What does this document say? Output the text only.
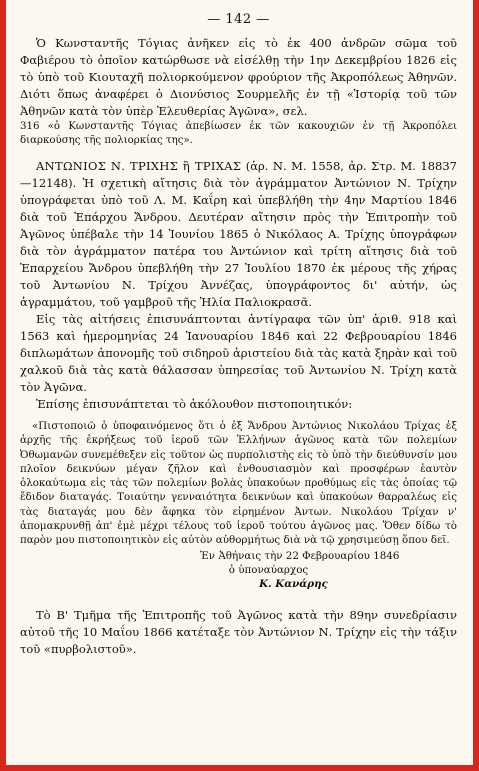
— 142 —

Ὁ Κωνσταντῆς Τόγιας ἀνῆκεν εἰς τὸ ἐκ 400 ἀνδρῶν σῶμα τοῦ Φαβιέρου τὸ ὁποῖον κατώρθωσε νὰ εἰσέλθῃ τὴν 1ην Δεκεμβρίου 1826 εἰς τὸ ὑπὸ τοῦ Κιουταχῆ πολιορκούμενον φρούριον τῆς Ἀκροπόλεως Ἀθηνῶν. Διότι ὅπως ἀναφέρει ὁ Διονύσιος Σουρμελῆς ἐν τῇ «Ἱστορίᾳ τοῦ τῶν Ἀθηνῶν κατὰ τὸν ὑπὲρ Ἐλευθερίας Ἀγῶνα», σελ.

316 «ὁ Κωνσταντῆς Τόγιας ἀπεβίωσεν ἐκ τῶν κακουχιῶν ἐν τῇ Ἀκροπόλει διαρκούσης τῆς πολιορκίας της».

ΑΝΤΩΝΙΟΣ Ν. ΤΡΙΧΗΣ ἢ ΤΡΙΧΑΣ (ἀρ. Ν. Μ. 1558, ἀρ. Στρ. Μ. 18837—12148). Ἡ σχετικὴ αἴτησις διὰ τὸν ἀγράμματον Ἀντώνιον Ν. Τρίχην ὑπογράφεται ὑπὸ τοῦ Λ. Μ. Καΐρη καὶ ὑπεβλήθη τὴν 4ην Μαρτίου 1846 διὰ τοῦ Ἐπάρχου Ἄνδρου. Δευτέραν αἴτησιν πρὸς τὴν Ἐπιτροπὴν τοῦ Ἀγῶνος ὑπέβαλε τὴν 14 Ἰουνίου 1865 ὁ Νικόλαος Α. Τρίχης ὑπογράφων διὰ τὸν ἀγράμματον πατέρα του Ἀντώνιον καὶ τρίτη αἴτησις διὰ τοῦ Ἐπαρχείου Ἄνδρου ὑπεβλήθη τὴν 27 Ἰουλίου 1870 ἐκ μέρους τῆς χήρας τοῦ Ἀντωνίου Ν. Τρίχου Ἀννέζας, ὑπογράφοντος δι' αὐτήν, ὡς ἀγραμμάτου, τοῦ γαμβροῦ τῆς Ἠλία Παλιοκρασᾶ.

Εἰς τὰς αἰτήσεις ἐπισυνάπτονται ἀντίγραφα τῶν ὑπ' ἀριθ. 918 καὶ 1563 καὶ ἡμερομηνίας 24 Ἰανουαρίου 1846 καὶ 22 Φεβρουαρίου 1846 διπλωμάτων ἀπονομῆς τοῦ σιδηροῦ ἀριστείου διὰ τὰς κατὰ ξηρὰν καὶ τοῦ χαλκοῦ διὰ τὰς κατὰ θάλασσαν ὑπηρεσίας τοῦ Ἀντωνίου Ν. Τρίχη κατὰ τὸν Ἀγῶνα.

Ἐπίσης ἐπισυνάπτεται τὸ ἀκόλουθον πιστοποιητικόν:

«Πιστοποιῶ ὁ ὑποφαινόμενος ὅτι ὁ ἐξ Ἄνδρου Ἀντώνιος Νικολάου Τρίχας ἐξ ἀρχῆς τῆς ἐκρήξεως τοῦ ἱεροῦ τῶν Ἑλλήνων ἀγῶνος κατὰ τῶν πολεμίων Ὀθωμανῶν συνεμέθεξεν εἰς τοῦτον ὡς πυρπολιστὴς εἰς τὸ ὑπὸ τὴν διεύθυνσίν μου πλοῖον δεικνύων μέγαν ζῆλον καὶ ἐνθουσιασμὸν καὶ προσφέρων ἑαυτὸν ὁλοκαύτωμα εἰς τὰς τῶν πολεμίων βολὰς ὑπακούων προθύμως εἰς τὰς ὁποίας τῷ ἔδιδον διαταγάς. Τοιαύτην γενναιότητα δεικνύων καὶ ὑπακούων θαρραλέως εἰς τὰς διαταγάς μου δὲν ἄφηκα τὸν εἰρημένον Ἀντων. Νικολάου Τρίχαν ν' ἀπομακρυνθῇ ἀπ' ἐμὲ μέχρι τέλους τοῦ ἱεροῦ τούτου ἀγῶνος μας. Ὅθεν δίδω τὸ παρὸν μου πιστοποιητικὸν εἰς αὐτὸν αὐθορμήτως διὰ νὰ τῷ χρησιμεύσῃ ὅπου δεῖ.

Ἐν Ἀθήναις τὴν 22 Φεβρουαρίου 1846
ὁ ὑποναύαρχος
Κ. Κανάρης

Τὸ Β' Τμῆμα τῆς Ἐπιτροπῆς τοῦ Ἀγῶνος κατὰ τὴν 89ην συνεδρίασιν αὐτοῦ τῆς 10 Μαΐου 1866 κατέταξε τὸν Ἀντώνιον Ν. Τρίχην εἰς τὴν τάξιν τοῦ «πυρβολιστοῦ».
